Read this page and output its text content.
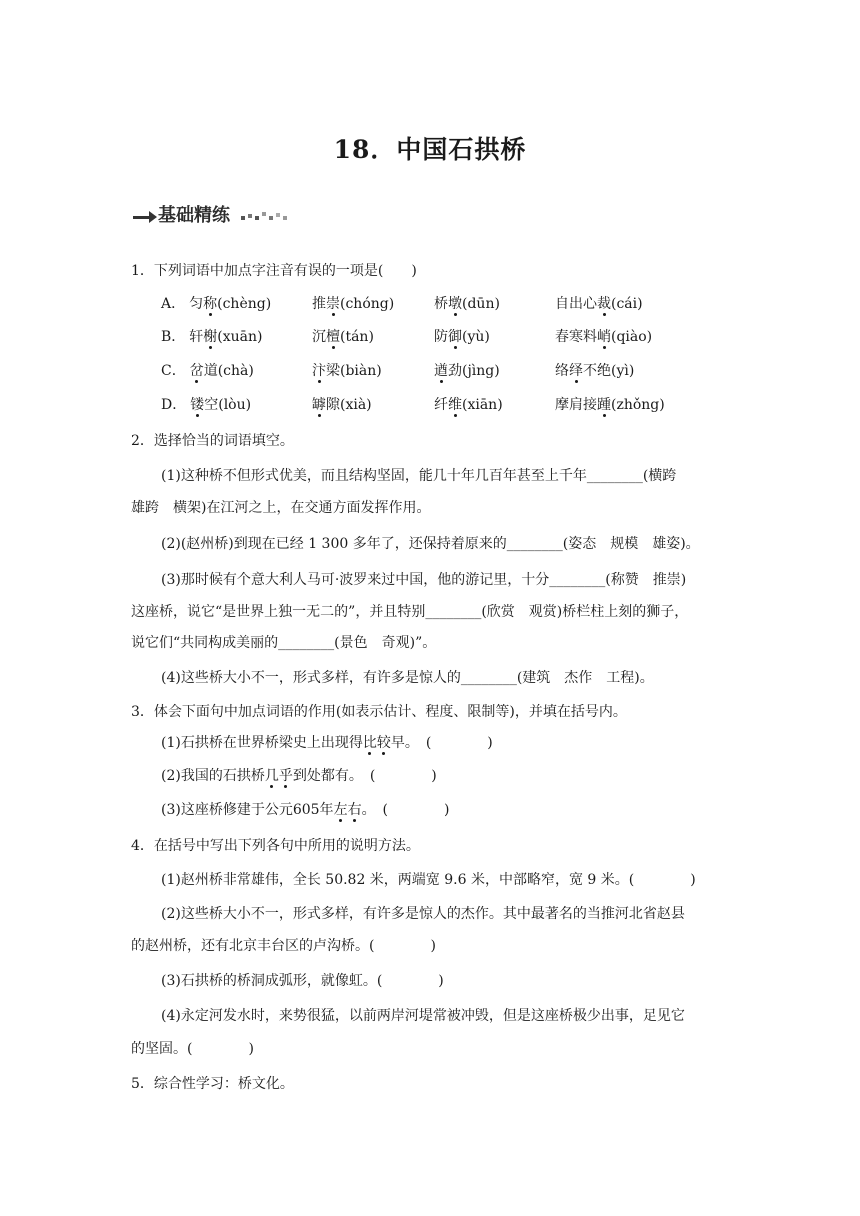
18．中国石拱桥
基础精练
1．下列词语中加点字注音有误的一项是(　　)
A． 匀称(chèng)	推崇(chóng)	桥墩(dūn)	自出心裁(cái)
B． 轩榭(xuān)	沉檀(tán)	防御(yù)	春寒料峭(qiào)
C． 岔道(chà)	汴梁(biàn)	遒劲(jìng)	络绎不绝(yì)
D． 镂空(lòu)	罅隙(xià)	纤维(xiān)	摩肩接踵(zhǒng)
2．选择恰当的词语填空。
(1)这种桥不但形式优美，而且结构坚固，能几十年几百年甚至上千年________(横跨
雄跨　横架)在江河之上，在交通方面发挥作用。
(2)(赵州桥)到现在已经 1 300 多年了，还保持着原来的________(姿态　规模　雄姿)。
(3)那时候有个意大利人马可·波罗来过中国，他的游记里，十分________(称赞　推崇)
这座桥，说它“是世界上独一无二的”，并且特别________(欣赏　观赏)桥栏柱上刻的狮子，
说它们“共同构成美丽的________(景色　奇观)”。
(4)这些桥大小不一，形式多样，有许多是惊人的________(建筑　杰作　工程)。
3．体会下面句中加点词语的作用(如表示估计、程度、限制等)，并填在括号内。
(1)石拱桥在世界桥梁史上出现得比较早。　(　　　　)
(2)我国的石拱桥几乎到处都有。　(　　　　)
(3)这座桥修建于公元605年左右。　(　　　　)
4．在括号中写出下列各句中所用的说明方法。
(1)赵州桥非常雄伟，全长 50.82 米，两端宽 9.6 米，中部略窄，宽 9 米。(　　　　)
(2)这些桥大小不一，形式多样，有许多是惊人的杰作。其中最著名的当推河北省赵县
的赵州桥，还有北京丰台区的卢沟桥。(　　　　)
(3)石拱桥的桥洞成弧形，就像虹。(　　　　)
(4)永定河发水时，来势很猛，以前两岸河堤常被冲毁，但是这座桥极少出事，足见它
的坚固。(　　　　)
5．综合性学习：桥文化。
